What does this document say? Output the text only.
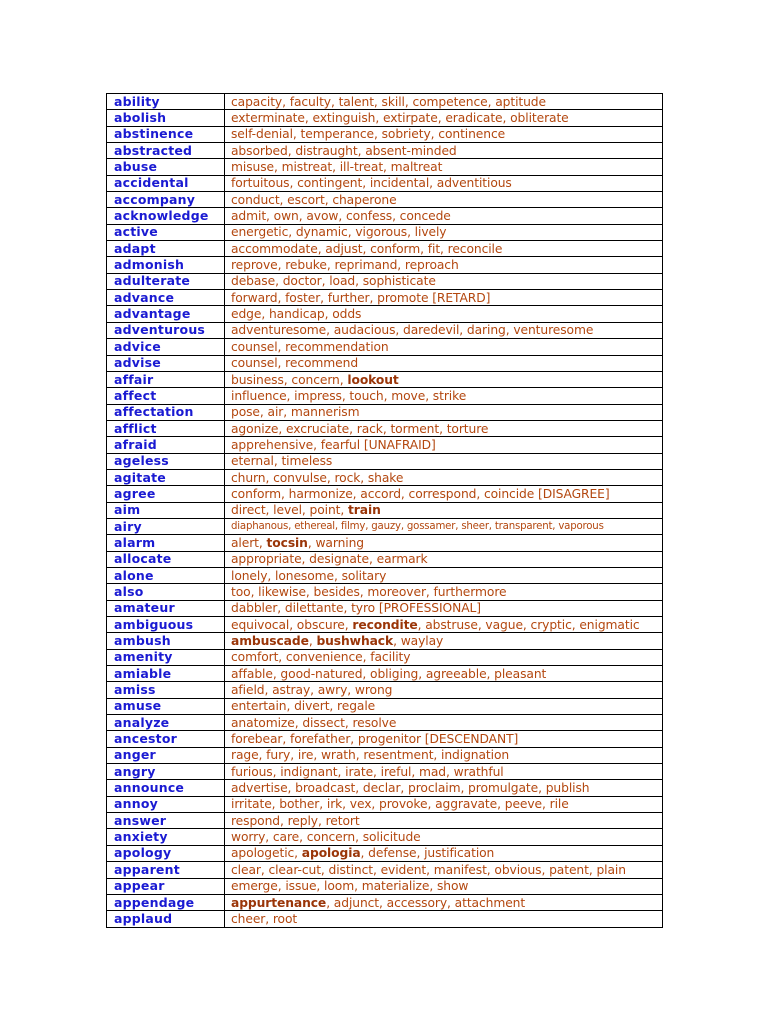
ability	capacity, faculty, talent, skill, competence, aptitude
abolish	exterminate, extinguish, extirpate, eradicate, obliterate
abstinence	self-denial, temperance, sobriety, continence
abstracted	absorbed, distraught, absent-minded
abuse	misuse, mistreat, ill-treat, maltreat
accidental	fortuitous, contingent, incidental, adventitious
accompany	conduct, escort, chaperone
acknowledge	admit, own, avow, confess, concede
active	energetic, dynamic, vigorous, lively
adapt	accommodate, adjust, conform, fit, reconcile
admonish	reprove, rebuke, reprimand, reproach
adulterate	debase, doctor, load, sophisticate
advance	forward, foster, further, promote [RETARD]
advantage	edge, handicap, odds
adventurous	adventuresome, audacious, daredevil, daring, venturesome
advice	counsel, recommendation
advise	counsel, recommend
affair	business, concern, lookout
affect	influence, impress, touch, move, strike
affectation	pose, air, mannerism
afflict	agonize, excruciate, rack, torment, torture
afraid	apprehensive, fearful [UNAFRAID]
ageless	eternal, timeless
agitate	churn, convulse, rock, shake
agree	conform, harmonize, accord, correspond, coincide [DISAGREE]
aim	direct, level, point, train
airy	diaphanous, ethereal, filmy, gauzy, gossamer, sheer, transparent, vaporous
alarm	alert, tocsin, warning
allocate	appropriate, designate, earmark
alone	lonely, lonesome, solitary
also	too, likewise, besides, moreover, furthermore
amateur	dabbler, dilettante, tyro [PROFESSIONAL]
ambiguous	equivocal, obscure, recondite, abstruse, vague, cryptic, enigmatic
ambush	ambuscade, bushwhack, waylay
amenity	comfort, convenience, facility
amiable	affable, good-natured, obliging, agreeable, pleasant
amiss	afield, astray, awry, wrong
amuse	entertain, divert, regale
analyze	anatomize, dissect, resolve
ancestor	forebear, forefather, progenitor [DESCENDANT]
anger	rage, fury, ire, wrath, resentment, indignation
angry	furious, indignant, irate, ireful, mad, wrathful
announce	advertise, broadcast, declar, proclaim, promulgate, publish
annoy	irritate, bother, irk, vex, provoke, aggravate, peeve, rile
answer	respond, reply, retort
anxiety	worry, care, concern, solicitude
apology	apologetic, apologia, defense, justification
apparent	clear, clear-cut, distinct, evident, manifest, obvious, patent, plain
appear	emerge, issue, loom, materialize, show
appendage	appurtenance, adjunct, accessory, attachment
applaud	cheer, root
